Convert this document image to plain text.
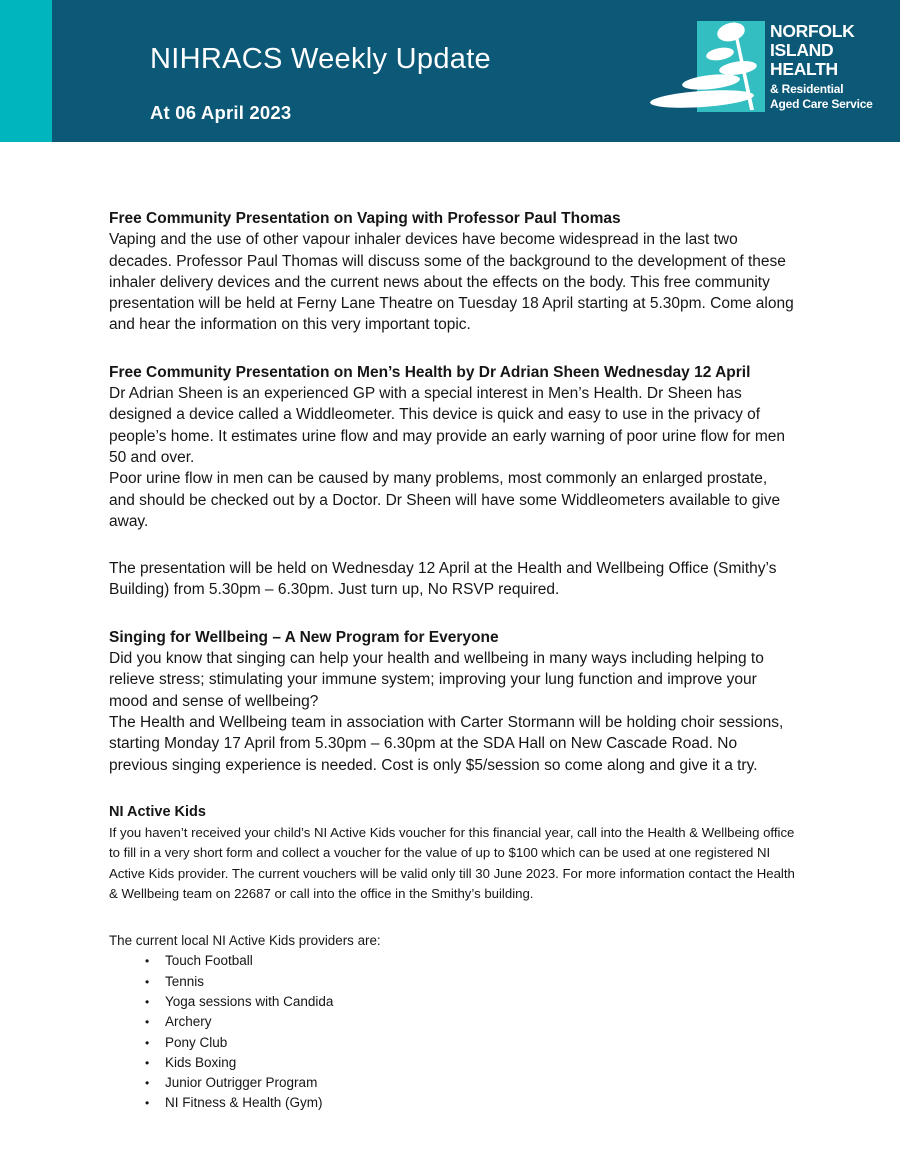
NIHRACS Weekly Update
At 06 April 2023
NORFOLK
ISLAND
HEALTH
& Residential
Aged Care Service
Free Community Presentation on Vaping with Professor Paul Thomas

Vaping and the use of other vapour inhaler devices have become widespread in the last two decades. Professor Paul Thomas will discuss some of the background to the development of these inhaler delivery devices and the current news about the effects on the body. This free community presentation will be held at Ferny Lane Theatre on Tuesday 18 April starting at 5.30pm. Come along and hear the information on this very important topic.

Free Community Presentation on Men’s Health by Dr Adrian Sheen Wednesday 12 April

Dr Adrian Sheen is an experienced GP with a special interest in Men’s Health. Dr Sheen has designed a device called a Widdleometer. This device is quick and easy to use in the privacy of people’s home. It estimates urine flow and may provide an early warning of poor urine flow for men 50 and over.

Poor urine flow in men can be caused by many problems, most commonly an enlarged prostate, and should be checked out by a Doctor. Dr Sheen will have some Widdleometers available to give away.

The presentation will be held on Wednesday 12 April at the Health and Wellbeing Office (Smithy’s Building) from 5.30pm – 6.30pm. Just turn up, No RSVP required.

Singing for Wellbeing – A New Program for Everyone

Did you know that singing can help your health and wellbeing in many ways including helping to relieve stress; stimulating your immune system; improving your lung function and improve your mood and sense of wellbeing?

The Health and Wellbeing team in association with Carter Stormann will be holding choir sessions, starting Monday 17 April from 5.30pm – 6.30pm at the SDA Hall on New Cascade Road. No previous singing experience is needed. Cost is only $5/session so come along and give it a try.

NI Active Kids

If you haven’t received your child’s NI Active Kids voucher for this financial year, call into the Health & Wellbeing office to fill in a very short form and collect a voucher for the value of up to $100 which can be used at one registered NI Active Kids provider. The current vouchers will be valid only till 30 June 2023. For more information contact the Health & Wellbeing team on 22687 or call into the office in the Smithy’s building.

The current local NI Active Kids providers are:

• Touch Football
• Tennis
• Yoga sessions with Candida
• Archery
• Pony Club
• Kids Boxing
• Junior Outrigger Program
• NI Fitness & Health (Gym)
